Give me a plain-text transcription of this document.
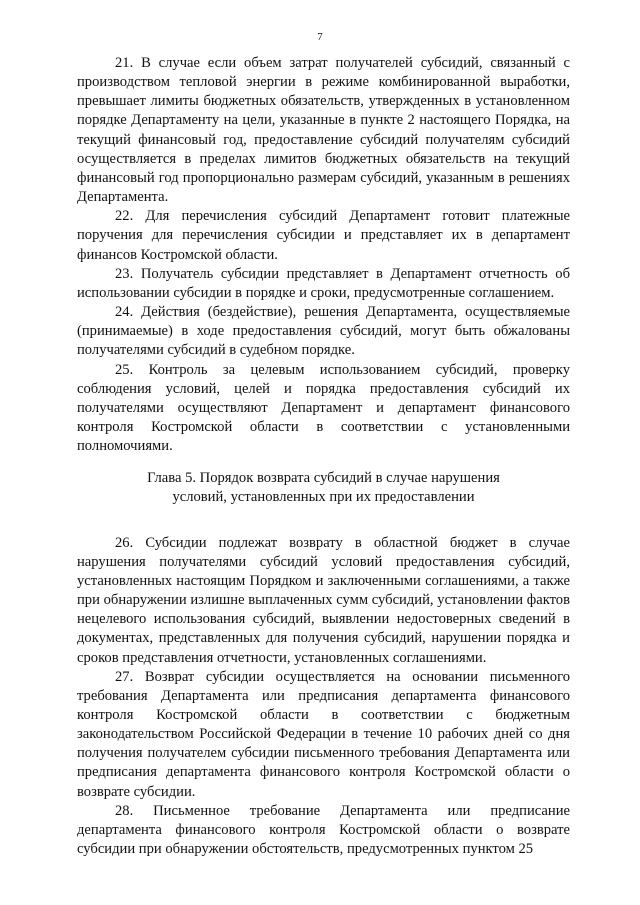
7

21. В случае если объем затрат получателей субсидий, связанный с производством тепловой энергии в режиме комбинированной выработки, превышает лимиты бюджетных обязательств, утвержденных в установленном порядке Департаменту на цели, указанные в пункте 2 настоящего Порядка, на текущий финансовый год, предоставление субсидий получателям субсидий осуществляется в пределах лимитов бюджетных обязательств на текущий финансовый год пропорционально размерам субсидий, указанным в решениях Департамента.

22. Для перечисления субсидий Департамент готовит платежные поручения для перечисления субсидии и представляет их в департамент финансов Костромской области.

23. Получатель субсидии представляет в Департамент отчетность об использовании субсидии в порядке и сроки, предусмотренные соглашением.

24. Действия (бездействие), решения Департамента, осуществляемые (принимаемые) в ходе предоставления субсидий, могут быть обжалованы получателями субсидий в судебном порядке.

25. Контроль за целевым использованием субсидий, проверку соблюдения условий, целей и порядка предоставления субсидий их получателями осуществляют Департамент и департамент финансового контроля Костромской области в соответствии с установленными полномочиями.

Глава 5. Порядок возврата субсидий в случае нарушения
условий, установленных при их предоставлении

26. Субсидии подлежат возврату в областной бюджет в случае нарушения получателями субсидий условий предоставления субсидий, установленных настоящим Порядком и заключенными соглашениями, а также при обнаружении излишне выплаченных сумм субсидий, установлении фактов нецелевого использования субсидий, выявлении недостоверных сведений в документах, представленных для получения субсидий, нарушении порядка и сроков представления отчетности, установленных соглашениями.

27. Возврат субсидии осуществляется на основании письменного требования Департамента или предписания департамента финансового контроля Костромской области в соответствии с бюджетным законодательством Российской Федерации в течение 10 рабочих дней со дня получения получателем субсидии письменного требования Департамента или предписания департамента финансового контроля Костромской области о возврате субсидии.

28. Письменное требование Департамента или предписание департамента финансового контроля Костромской области о возврате субсидии при обнаружении обстоятельств, предусмотренных пунктом 25
